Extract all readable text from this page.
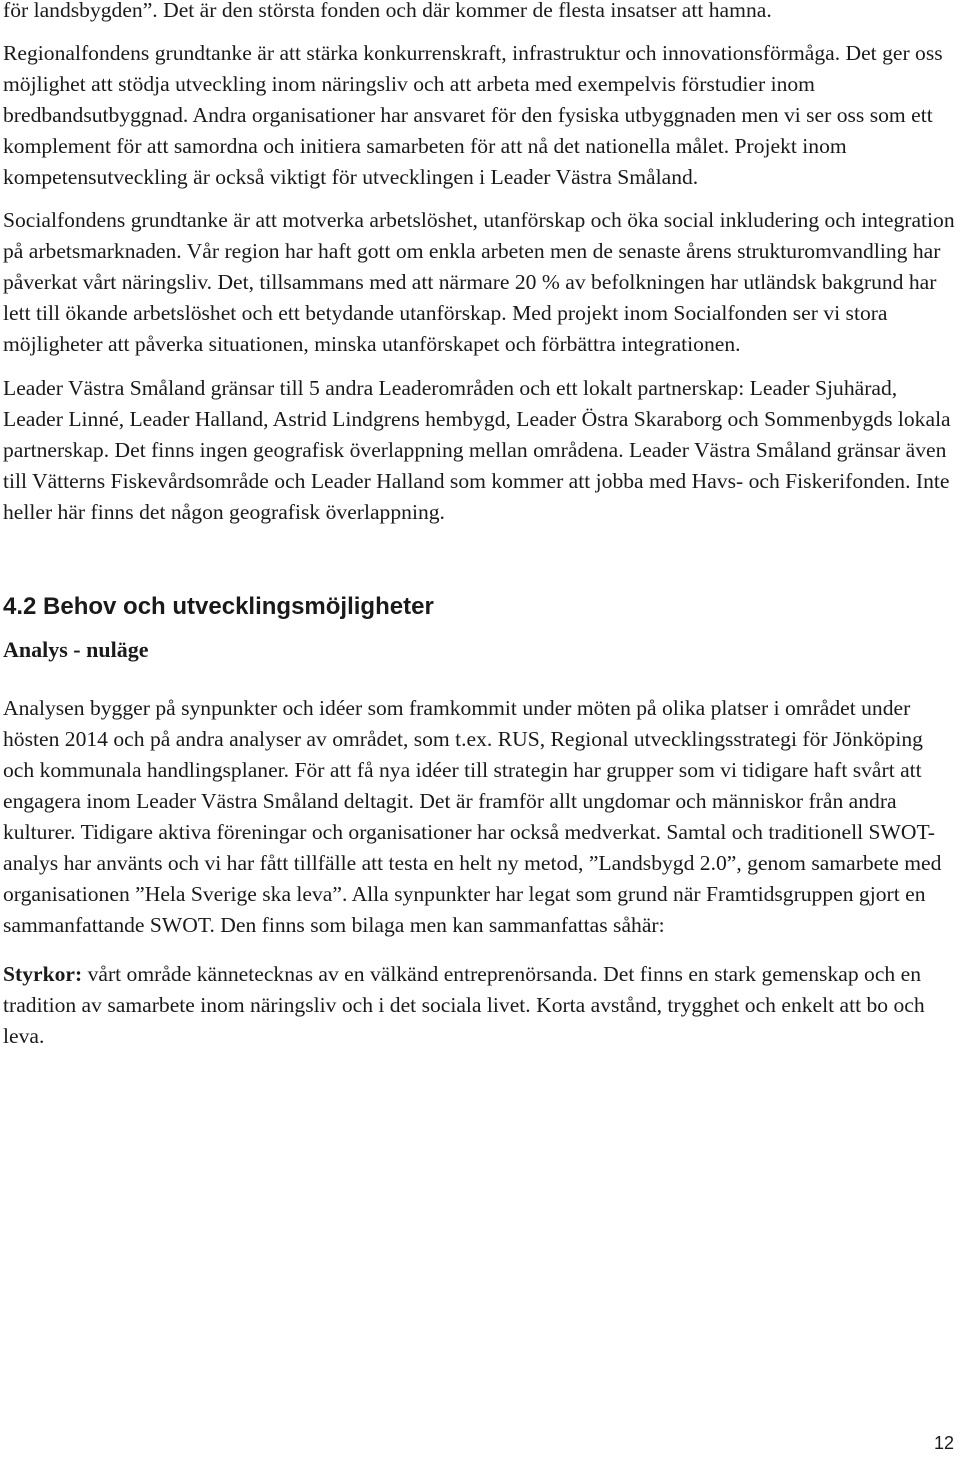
för landsbygden”. Det är den största fonden och där kommer de flesta insatser att hamna.

Regionalfondens grundtanke är att stärka konkurrenskraft, infrastruktur och innovationsförmåga. Det ger oss möjlighet att stödja utveckling inom näringsliv och att arbeta med exempelvis förstudier inom bredbandsutbyggnad. Andra organisationer har ansvaret för den fysiska utbyggnaden men vi ser oss som ett komplement för att samordna och initiera samarbeten för att nå det nationella målet. Projekt inom kompetensutveckling är också viktigt för utvecklingen i Leader Västra Småland.

Socialfondens grundtanke är att motverka arbetslöshet, utanförskap och öka social inkludering och integration på arbetsmarknaden. Vår region har haft gott om enkla arbeten men de senaste årens strukturomvandling har påverkat vårt näringsliv. Det, tillsammans med att närmare 20 % av befolkningen har utländsk bakgrund har lett till ökande arbetslöshet och ett betydande utanförskap. Med projekt inom Socialfonden ser vi stora möjligheter att påverka situationen, minska utanförskapet och förbättra integrationen.

Leader Västra Småland gränsar till 5 andra Leaderområden och ett lokalt partnerskap: Leader Sjuhärad, Leader Linné, Leader Halland, Astrid Lindgrens hembygd, Leader Östra Skaraborg och Sommenbygds lokala partnerskap. Det finns ingen geografisk överlappning mellan områdena. Leader Västra Småland gränsar även till Vätterns Fiskevårdsområde och Leader Halland som kommer att jobba med Havs- och Fiskerifonden. Inte heller här finns det någon geografisk överlappning.

4.2 Behov och utvecklingsmöjligheter
Analys - nuläge

Analysen bygger på synpunkter och idéer som framkommit under möten på olika platser i området under hösten 2014 och på andra analyser av området, som t.ex. RUS, Regional utvecklingsstrategi för Jönköping och kommunala handlingsplaner. För att få nya idéer till strategin har grupper som vi tidigare haft svårt att engagera inom Leader Västra Småland deltagit. Det är framför allt ungdomar och människor från andra kulturer. Tidigare aktiva föreningar och organisationer har också medverkat. Samtal och traditionell SWOT-analys har använts och vi har fått tillfälle att testa en helt ny metod, ”Landsbygd 2.0”, genom samarbete med organisationen ”Hela Sverige ska leva”. Alla synpunkter har legat som grund när Framtidsgruppen gjort en sammanfattande SWOT. Den finns som bilaga men kan sammanfattas såhär:

Styrkor: vårt område kännetecknas av en välkänd entreprenörsanda. Det finns en stark gemenskap och en tradition av samarbete inom näringsliv och i det sociala livet. Korta avstånd, trygghet och enkelt att bo och leva.

12
